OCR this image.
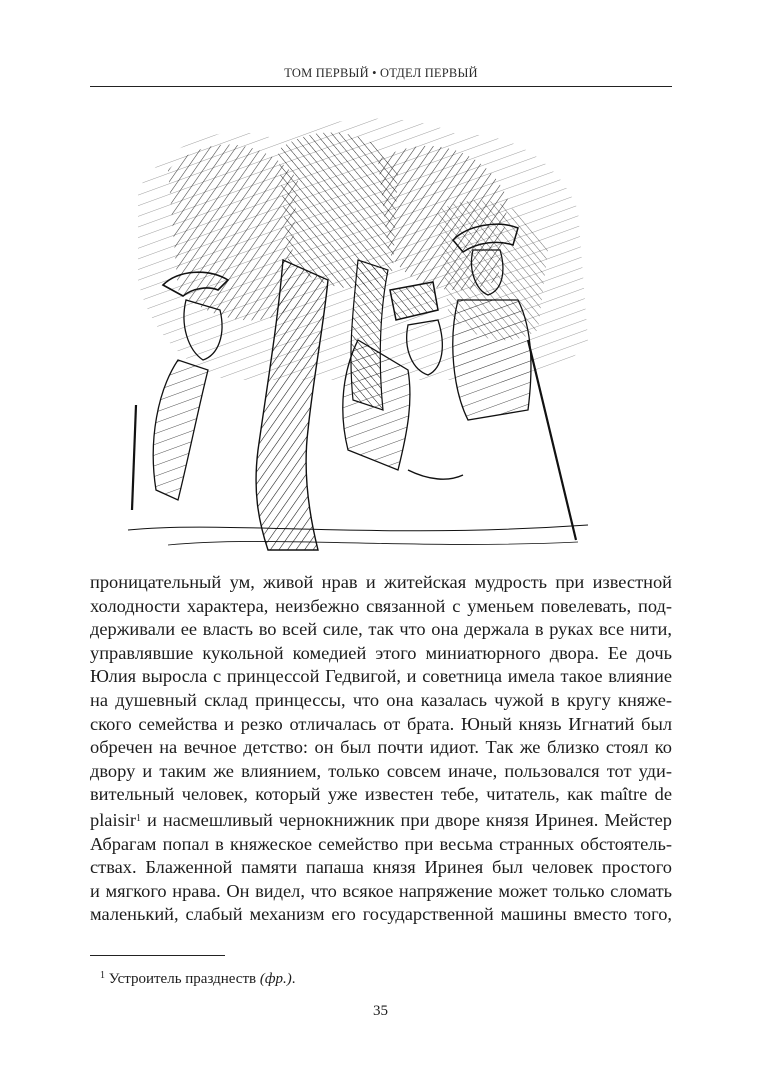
ТОМ ПЕРВЫЙ • ОТДЕЛ ПЕРВЫЙ
проницательный ум, живой нрав и житейская мудрость при известной
холодности характера, неизбежно связанной с уменьем повелевать, под-
держивали ее власть во всей силе, так что она держала в руках все нити,
управлявшие кукольной комедией этого миниатюрного двора. Ее дочь
Юлия выросла с принцессой Гедвигой, и советница имела такое влияние
на душевный склад принцессы, что она казалась чужой в кругу княже-
ского семейства и резко отличалась от брата. Юный князь Игнатий был
обречен на вечное детство: он был почти идиот. Так же близко стоял ко
двору и таким же влиянием, только совсем иначе, пользовался тот уди-
вительный человек, который уже известен тебе, читатель, как maître de
plaisir$^1$ и насмешливый чернокнижник при дворе князя Иринея. Мейстер
Абрагам попал в княжеское семейство при весьма странных обстоятель-
ствах. Блаженной памяти папаша князя Иринея был человек простого
и мягкого нрава. Он видел, что всякое напряжение может только сломать
маленький, слабый механизм его государственной машины вместо того,
$^1$ Устроитель празднеств (фр.).
35
